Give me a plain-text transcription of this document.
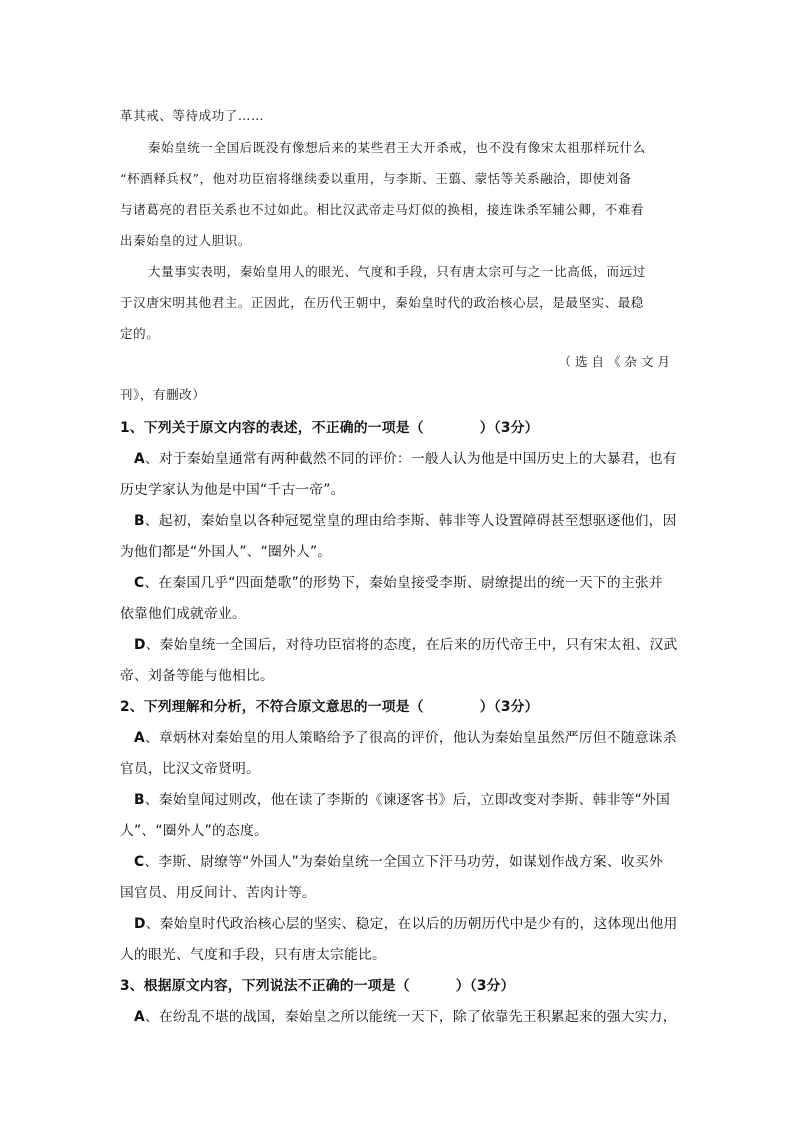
革其戒、等待成功了……
秦始皇统一全国后既没有像想后来的某些君王大开杀戒，也不没有像宋太祖那样玩什么
“杯酒释兵权”，他对功臣宿将继续委以重用，与李斯、王翦、蒙恬等关系融洽，即使刘备
与诸葛亮的君臣关系也不过如此。相比汉武帝走马灯似的换相，接连诛杀军辅公卿，不难看
出秦始皇的过人胆识。
大量事实表明，秦始皇用人的眼光、气度和手段，只有唐太宗可与之一比高低，而远过
于汉唐宋明其他君主。正因此，在历代王朝中，秦始皇时代的政治核心层，是最坚实、最稳
定的。
（选自《杂文月
刊》，有删改）
1、下列关于原文内容的表述，不正确的一项是（	）（3分）
A、对于秦始皇通常有两种截然不同的评价：一般人认为他是中国历史上的大暴君，也有
历史学家认为他是中国“千古一帝”。
B、起初，秦始皇以各种冠冕堂皇的理由给李斯、韩非等人设置障碍甚至想驱逐他们，因
为他们都是“外国人”、“圈外人”。
C、在秦国几乎“四面楚歌”的形势下，秦始皇接受李斯、尉缭提出的统一天下的主张并
依靠他们成就帝业。
D、秦始皇统一全国后，对待功臣宿将的态度，在后来的历代帝王中，只有宋太祖、汉武
帝、刘备等能与他相比。
2、下列理解和分析，不符合原文意思的一项是（	）（3分）
A、章炳林对秦始皇的用人策略给予了很高的评价，他认为秦始皇虽然严厉但不随意诛杀
官员，比汉文帝贤明。
B、秦始皇闻过则改，他在读了李斯的《谏逐客书》后，立即改变对李斯、韩非等“外国
人”、“圈外人”的态度。
C、李斯、尉缭等“外国人”为秦始皇统一全国立下汗马功劳，如谋划作战方案、收买外
国官员、用反间计、苦肉计等。
D、秦始皇时代政治核心层的坚实、稳定，在以后的历朝历代中是少有的，这体现出他用
人的眼光、气度和手段，只有唐太宗能比。
3、根据原文内容，下列说法不正确的一项是（	）（3分）
A、在纷乱不堪的战国，秦始皇之所以能统一天下，除了依靠先王积累起来的强大实力，
